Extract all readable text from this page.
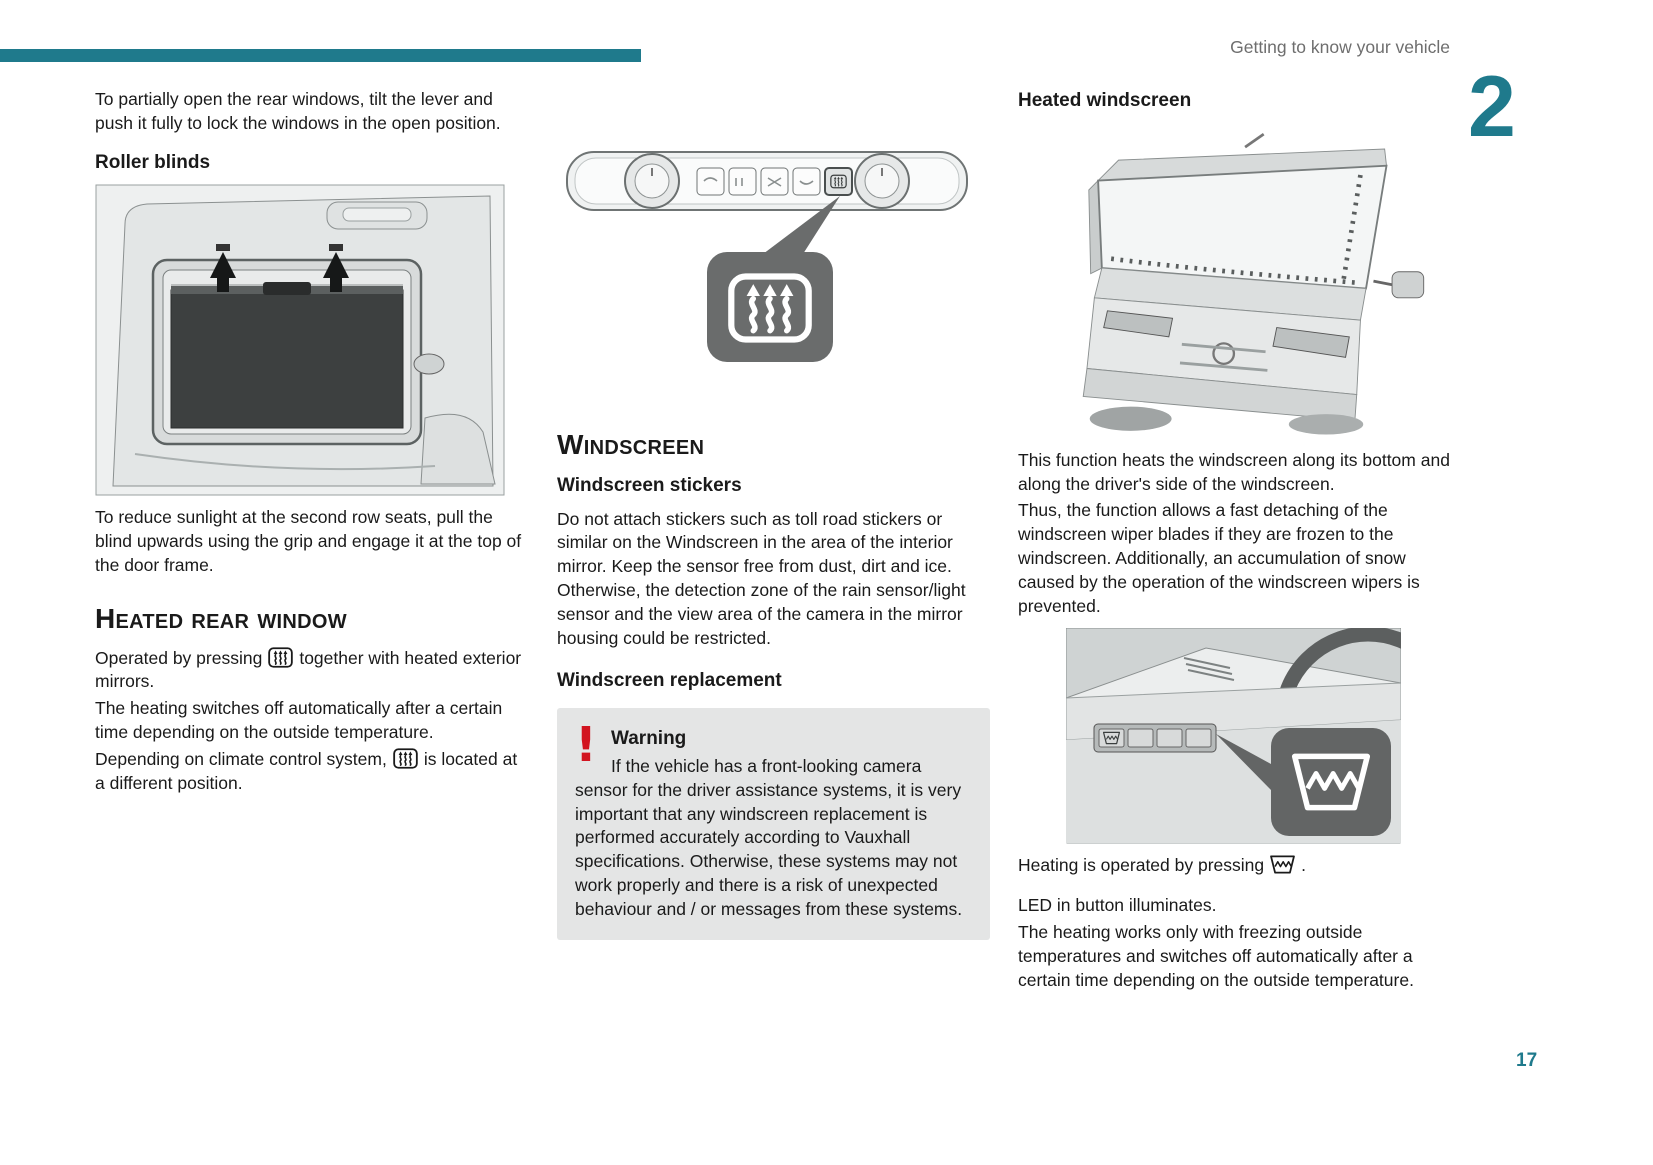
Getting to know your vehicle
2
17

To partially open the rear windows, tilt the lever and push it fully to lock the windows in the open position.

Roller blinds

To reduce sunlight at the second row seats, pull the blind upwards using the grip and engage it at the top of the door frame.

Heated rear window

Operated by pressing together with heated exterior mirrors.

The heating switches off automatically after a certain time depending on the outside temperature.

Depending on climate control system, is located at a different position.

Windscreen
Windscreen stickers

Do not attach stickers such as toll road stickers or similar on the Windscreen in the area of the interior mirror. Keep the sensor free from dust, dirt and ice. Otherwise, the detection zone of the rain sensor/light sensor and the view area of the camera in the mirror housing could be restricted.

Windscreen replacement
! Warning
If the vehicle has a front-looking camera sensor for the driver assistance systems, it is very important that any windscreen replacement is performed accurately according to Vauxhall specifications. Otherwise, these systems may not work properly and there is a risk of unexpected behaviour and / or messages from these systems.
Heated windscreen

This function heats the windscreen along its bottom and along the driver's side of the windscreen.

Thus, the function allows a fast detaching of the windscreen wiper blades if they are frozen to the windscreen. Additionally, an accumulation of snow caused by the operation of the windscreen wipers is prevented.

Heating is operated by pressing .

LED in button illuminates.

The heating works only with freezing outside temperatures and switches off automatically after a certain time depending on the outside temperature.
